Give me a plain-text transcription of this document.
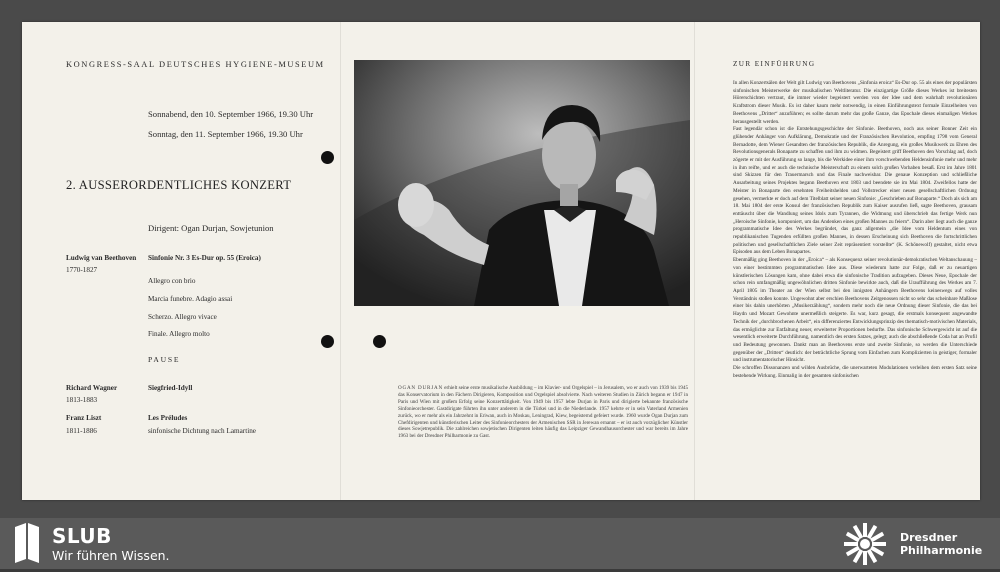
KONGRESS-SAAL DEUTSCHES HYGIENE-MUSEUM
Sonnabend, den 10. September 1966, 19.30 Uhr
Sonntag, den 11. September 1966, 19.30 Uhr
2. AUSSERORDENTLICHES KONZERT
Dirigent: Ogan Durjan, Sowjetunion
Ludwig van Beethoven
1770-1827
Sinfonie Nr. 3 Es-Dur op. 55 (Eroica)
Allegro con brio
Marcia funebre. Adagio assai
Scherzo. Allegro vivace
Finale. Allegro molto
PAUSE
Richard Wagner
1813-1883
Siegfried-Idyll
Franz Liszt
1811-1886
Les Préludes
sinfonische Dichtung nach Lamartine
OGAN DURJAN erhielt seine erste musikalische Ausbildung – im Klavier- und Orgelspiel – in Jerusalem, wo er auch von 1939 bis 1945 das Konservatorium in den Fächern Dirigieren, Komposition und Orgelspiel absolvierte. Nach weiteren Studien in Zürich begann er 1947 in Paris und Wien mit großem Erfolg seine Konzerttätigkeit. Von 1949 bis 1957 lebte Durjan in Paris und dirigierte bekannte französische Sinfonieorchester. Gastdirigate führten ihn unter anderem in die Türkei und in die Niederlande. 1957 kehrte er in sein Vaterland Armenien zurück, wo er mehr als ein Jahrzehnt in Eriwan, auch in Moskau, Leningrad, Kiew, begeisternd gefeiert wurde. 1960 wurde Ogan Durjan zum Chefdirigenten und künstlerischen Leiter des Sinfonieorchesters der Armenischen SSR in Jerewan ernannt – er ist auch vorzüglicher Künstler dieses Sowjetrepublik. Die zahlreichen sowjetischen Dirigenten leiten häufig das Leipziger Gewandhausorchester und war bereits im Jahre 1963 bei der Dresdner Philharmonie zu Gast.
ZUR EINFÜHRUNG

In allen Konzertsälen der Welt gilt Ludwig van Beethovens „Sinfonia eroica“ Es-Dur op. 55 als eines der populärsten sinfonischen Meisterwerke der musikalischen Weltliteratur. Die einzigartige Größe dieses Werkes ist breitesten Hörerschichten vertraut, die immer wieder begeistert werden von der Idee und dem wahrhaft revolutionären Kraftstrom dieser Musik. Es ist daher kaum mehr notwendig, in einen Einführungstext formale Einzelheiten von Beethovens „Dritter“ anzuführen; es sollte darum mehr das große Ganze, das Epochale dieses einmaligen Werkes herausgestellt werden.

Fast legendär schon ist die Entstehungsgeschichte der Sinfonie. Beethoven, noch aus seiner Bonner Zeit ein glühender Anhänger von Aufklärung, Demokratie und der Französischen Revolution, empfing 1798 vom General Bernadotte, dem Wiener Gesandten der französischen Republik, die Anregung, ein großes Musikwerk zu Ehren des Revolutionsgenerals Bonaparte zu schaffen und ihm zu widmen. Begeistert griff Beethoven den Vorschlag auf, doch zögerte er mit der Ausführung so lange, bis die Werkidee einer ihm vorschwebenden Heldensinfonie mehr und mehr in ihm reifte, und er auch die technische Meisterschaft zu einem solch großen Vorhaben besaß. Erst im Jahre 1801 sind Skizzen für den Trauermarsch und das Finale nachweisbar. Die genaue Konzeption und schließliche Ausarbeitung seines Projektes begann Beethoven erst 1803 und beendete sie im Mai 1804. Zweifellos hatte der Meister in Bonaparte den ersehnten Freiheitshelden und Vollstrecker einer neuen gesellschaftlichen Ordnung gesehen, vermerkte er doch auf dem Titelblatt seiner neuen Sinfonie: „Geschrieben auf Bonaparte.“ Doch als sich am 18. Mai 1804 der erste Konsul der französischen Republik zum Kaiser ausrufen ließ, sagte Beethoven, grausam enttäuscht über die Wandlung seines Idols zum Tyrannen, die Widmung und überschrieb das fertige Werk nun „Heroische Sinfonie, komponiert, um das Andenken eines großen Mannes zu feiern“. Darin aber liegt auch die ganze programmatische Idee des Werkes begründet, das ganz allgemein „die Idee vom Heldentum eines von republikanischen Tugenden erfüllten großen Mannes, in dessen Erscheinung sich Beethoven die fortschrittlichen politischen und gesellschaftlichen Ziele seiner Zeit repräsentiert vorstellte“ (K. Schönewolf) gestaltet, nicht etwa Episoden aus dem Leben Bonapartes.

Ebenmäßig ging Beethoven in der „Eroica“ – als Konsequenz seiner revolutionär-demokratischen Weltanschauung – von einer bestimmten programmatischen Idee aus. Diese wiederum hatte zur Folge, daß er zu neuartigen künstlerischen Lösungen kam, ohne dabei etwa die sinfonische Tradition aufzugeben. Dieses Neue, Epochale der schon rein umfangmäßig ungewöhnlichen dritten Sinfonie bewirkte auch, daß die Uraufführung des Werkes am 7. April 1805 im Theater an der Wien selbst bei den innigsten Anhängern Beethovens keineswegs auf volles Verständnis stoßen konnte. Ungewohnt aber erschien Beethovens Zeitgenossen nicht so sehr das scheinbare Maßlose einer bis dahin unerhörten „Musikerzählung“, sondern mehr noch die neue Ordnung dieser Sinfonie, die das bei Haydn und Mozart Gewohnte unermeßlich steigerte. Es war, kurz gesagt, die erstmals konsequent angewandte Technik der „durchbrochenen Arbeit“, ein differenziertes Entwicklungsprinzip des thematisch-motivischen Materials, das ermöglichte zur Entfaltung neuer, erweiterter Proportionen bedurfte. Das sinfonische Schwergewicht ist auf die wesentlich erweiterte Durchführung, namentlich des ersten Satzes, gelegt; auch die abschließende Coda hat an Profil und Bedeutung gewonnen. Dankt man an Beethovens erste und zweite Sinfonie, so werden die Unterschiede gegenüber der „Dritten“ deutlich: der beträchtliche Sprung vom Einfachen zum Komplizierten in geistiger, formaler und instrumentatorischer Hinsicht.

Die schroffen Dissonanzen und wilden Ausbrüche, die unerwarteten Modulationen verleihen dem ersten Satz seine bestehende Wirkung. Einmalig in der gesamten sinfonischen

SLUB
Wir führen Wissen.
Dresdner
Philharmonie
